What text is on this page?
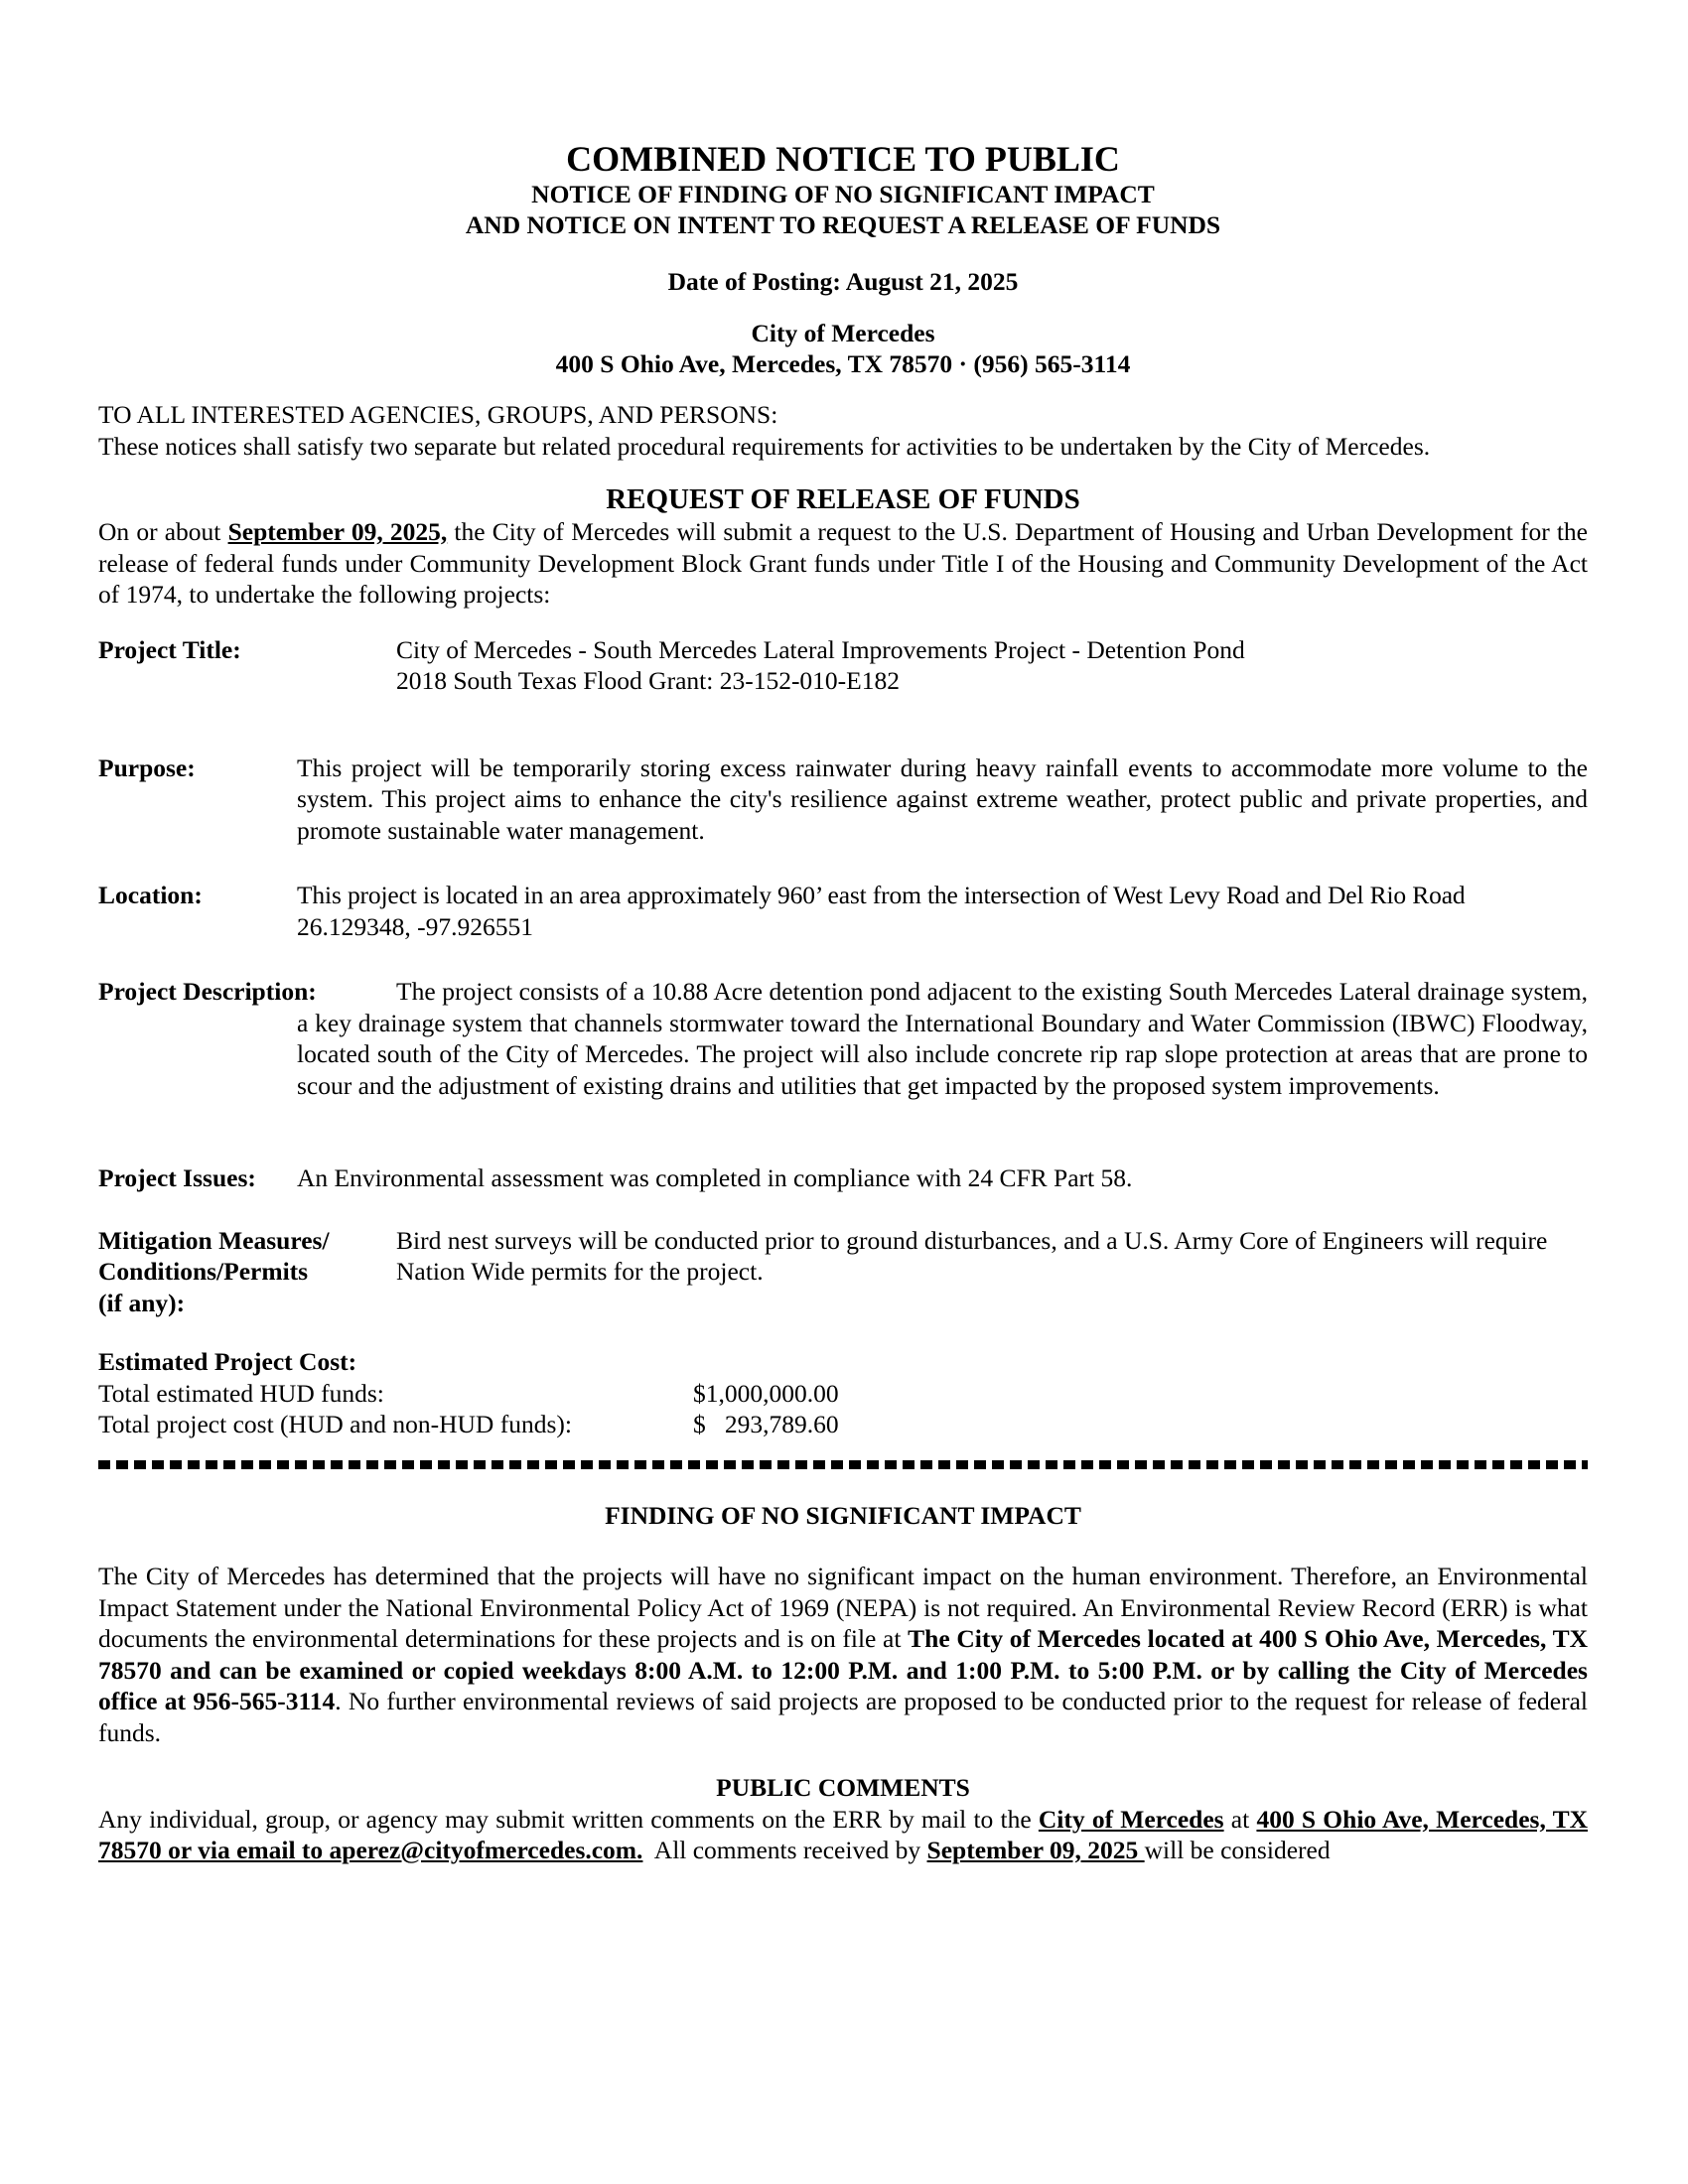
COMBINED NOTICE TO PUBLIC
NOTICE OF FINDING OF NO SIGNIFICANT IMPACT
AND NOTICE ON INTENT TO REQUEST A RELEASE OF FUNDS
Date of Posting: August 21, 2025
City of Mercedes
400 S Ohio Ave, Mercedes, TX 78570 · (956) 565-3114
TO ALL INTERESTED AGENCIES, GROUPS, AND PERSONS:
These notices shall satisfy two separate but related procedural requirements for activities to be undertaken by the City of Mercedes.
REQUEST OF RELEASE OF FUNDS
On or about September 09, 2025, the City of Mercedes will submit a request to the U.S. Department of Housing and Urban Development for the release of federal funds under Community Development Block Grant funds under Title I of the Housing and Community Development of the Act of 1974, to undertake the following projects:
Project Title:	City of Mercedes - South Mercedes Lateral Improvements Project - Detention Pond
2018 South Texas Flood Grant: 23-152-010-E182
Purpose:	This project will be temporarily storing excess rainwater during heavy rainfall events to accommodate more volume to the system. This project aims to enhance the city's resilience against extreme weather, protect public and private properties, and promote sustainable water management.
Location:	This project is located in an area approximately 960’ east from the intersection of West Levy Road and Del Rio Road
26.129348, -97.926551
Project Description:	The project consists of a 10.88 Acre detention pond adjacent to the existing South Mercedes Lateral drainage system, a key drainage system that channels stormwater toward the International Boundary and Water Commission (IBWC) Floodway, located south of the City of Mercedes. The project will also include concrete rip rap slope protection at areas that are prone to scour and the adjustment of existing drains and utilities that get impacted by the proposed system improvements.
Project Issues:	An Environmental assessment was completed in compliance with 24 CFR Part 58.
Mitigation Measures/
Conditions/Permits
(if any):
Bird nest surveys will be conducted prior to ground disturbances, and a U.S. Army Core of Engineers will require Nation Wide permits for the project.
Estimated Project Cost:
Total estimated HUD funds:	$1,000,000.00
Total project cost (HUD and non-HUD funds):	$   293,789.60
FINDING OF NO SIGNIFICANT IMPACT
The City of Mercedes has determined that the projects will have no significant impact on the human environment. Therefore, an Environmental Impact Statement under the National Environmental Policy Act of 1969 (NEPA) is not required. An Environmental Review Record (ERR) is what documents the environmental determinations for these projects and is on file at The City of Mercedes located at 400 S Ohio Ave, Mercedes, TX 78570 and can be examined or copied weekdays 8:00 A.M. to 12:00 P.M. and 1:00 P.M. to 5:00 P.M. or by calling the City of Mercedes office at 956-565-3114. No further environmental reviews of said projects are proposed to be conducted prior to the request for release of federal funds.
PUBLIC COMMENTS
Any individual, group, or agency may submit written comments on the ERR by mail to the City of Mercedes at 400 S Ohio Ave, Mercedes, TX 78570 or via email to aperez@cityofmercedes.com.  All comments received by September 09, 2025 will be considered
